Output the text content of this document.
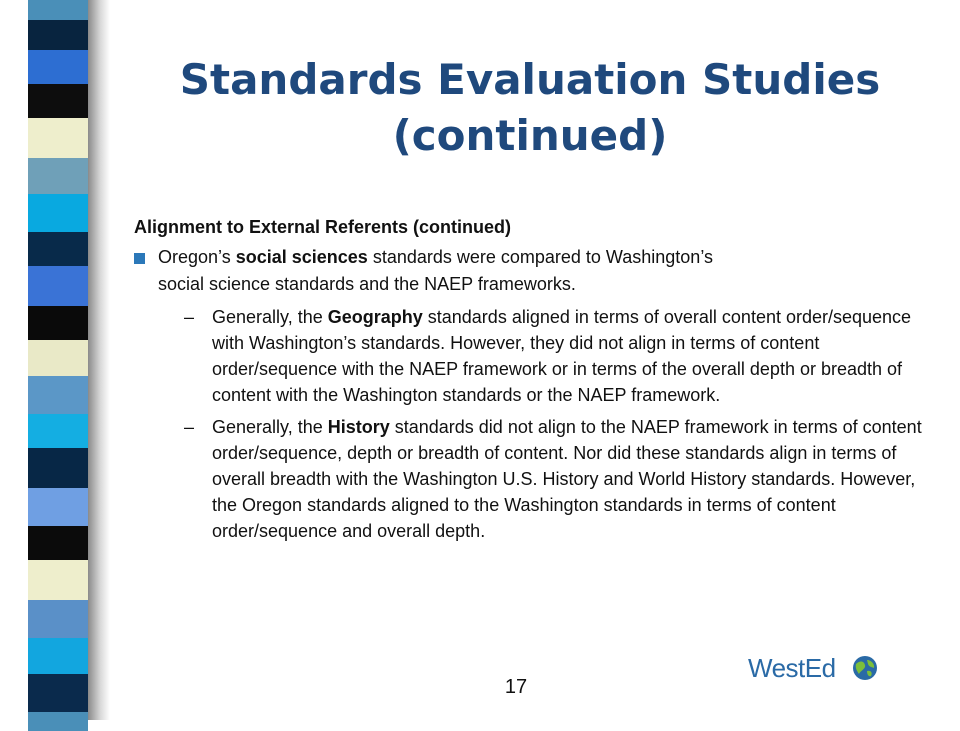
Standards Evaluation Studies (continued)

Alignment to External Referents (continued)

Oregon’s social sciences standards were compared to Washington’s social science standards and the NAEP frameworks.
– Generally, the Geography standards aligned in terms of overall content order/sequence with Washington’s standards. However, they did not align in terms of content order/sequence with the NAEP framework or in terms of the overall depth or breadth of content with the Washington standards or the NAEP framework.
– Generally, the History standards did not align to the NAEP framework in terms of content order/sequence, depth or breadth of content. Nor did these standards align in terms of overall breadth with the Washington U.S. History and World History standards. However, the Oregon standards aligned to the Washington standards in terms of content order/sequence and overall depth.
17
WestEd
